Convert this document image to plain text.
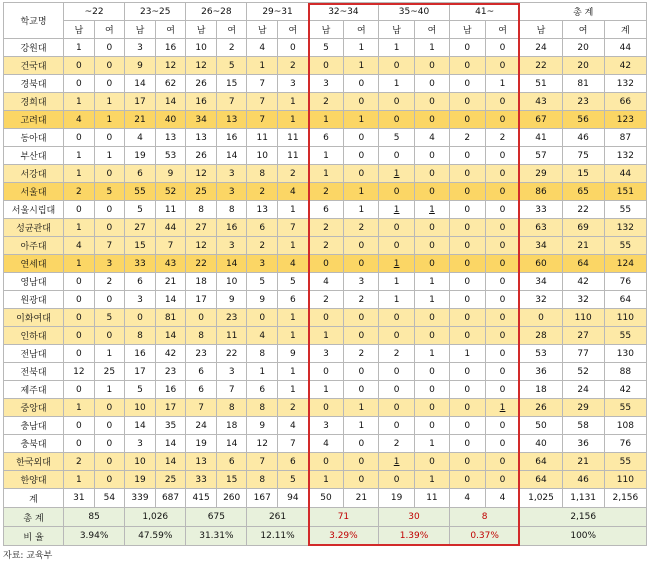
학교명	~22		23~25		26~28		29~31		32~34		35~40		41~		총 계		
	남	여	남	여	남	여	남	여	남	여	남	여	남	여	남	여	계
강원대	1	0	3	16	10	2	4	0	5	1	1	1	0	0	24	20	44
건국대	0	0	9	12	12	5	1	2	0	1	0	0	0	0	22	20	42
경북대	0	0	14	62	26	15	7	3	3	0	1	0	0	1	51	81	132
경희대	1	1	17	14	16	7	7	1	2	0	0	0	0	0	43	23	66
고려대	4	1	21	40	34	13	7	1	1	1	0	0	0	0	67	56	123
동아대	0	0	4	13	13	16	11	11	6	0	5	4	2	2	41	46	87
부산대	1	1	19	53	26	14	10	11	1	0	0	0	0	0	57	75	132
서강대	1	0	6	9	12	3	8	2	1	0	1	0	0	0	29	15	44
서울대	2	5	55	52	25	3	2	4	2	1	0	0	0	0	86	65	151
서울시립대	0	0	5	11	8	8	13	1	6	1	1	1	0	0	33	22	55
성균관대	1	0	27	44	27	16	6	7	2	2	0	0	0	0	63	69	132
아주대	4	7	15	7	12	3	2	1	2	0	0	0	0	0	34	21	55
연세대	1	3	33	43	22	14	3	4	0	0	1	0	0	0	60	64	124
영남대	0	2	6	21	18	10	5	5	4	3	1	1	0	0	34	42	76
원광대	0	0	3	14	17	9	9	6	2	2	1	1	0	0	32	32	64
이화여대	0	5	0	81	0	23	0	1	0	0	0	0	0	0	0	110	110
인하대	0	0	8	14	8	11	4	1	1	0	0	0	0	0	28	27	55
전남대	0	1	16	42	23	22	8	9	3	2	2	1	1	0	53	77	130
전북대	12	25	17	23	6	3	1	1	0	0	0	0	0	0	36	52	88
제주대	0	1	5	16	6	7	6	1	1	0	0	0	0	0	18	24	42
중앙대	1	0	10	17	7	8	8	2	0	1	0	0	0	1	26	29	55
충남대	0	0	14	35	24	18	9	4	3	1	0	0	0	0	50	58	108
충북대	0	0	3	14	19	14	12	7	4	0	2	1	0	0	40	36	76
한국외대	2	0	10	14	13	6	7	6	0	0	1	0	0	0	64	21	55
한양대	1	0	19	25	33	15	8	5	1	0	0	1	0	0	64	46	110
계	31	54	339	687	415	260	167	94	50	21	19	11	4	4	1,025	1,131	2,156
총 계	85		1,026		675		261		71		30		8		2,156		
비 율	3.94%		47.59%		31.31%		12.11%		3.29%		1.39%		0.37%		100%		
자료: 교육부
